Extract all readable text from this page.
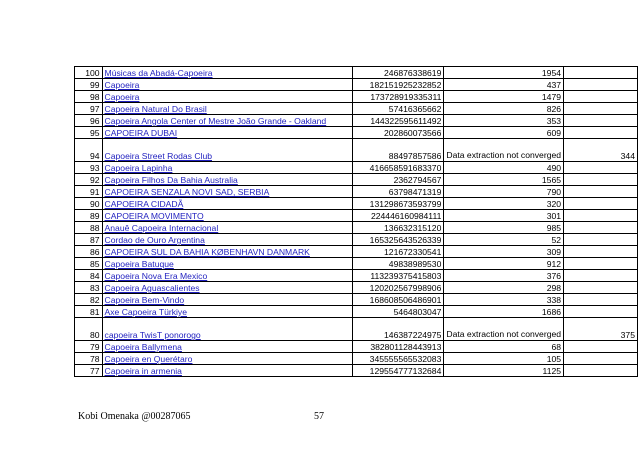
100	Músicas da Abadá-Capoeira	246876338619	1954	
99	Capoeira	182151925232852	437	
98	Capoeira	173728919335311	1479	
97	Capoeira Natural Do Brasil	57416365662	826	
96	Capoeira Angola Center of Mestre João Grande - Oakland	144322595611492	353	
95	CAPOEIRA DUBAI	202860073566	609	
94	Capoeira Street Rodas Club	88497857586	Data extraction not converged	344
93	Capoeira Lapinha	416658591683370	490	
92	Capoeira Filhos Da Bahia Australia	2362794567	1565	
91	CAPOEIRA SENZALA NOVI SAD, SERBIA	63798471319	790	
90	CAPOEIRA CIDADÃ	131298673593799	320	
89	CAPOEIRA MOVIMENTO	224446160984111	301	
88	Anauê Capoeira Internacional	136632315120	985	
87	Cordao de Ouro Argentina	165325643526339	52	
86	CAPOEIRA SUL DA BAHIA KØBENHAVN DANMARK	121672330541	309	
85	Capoeira Batuque	49838989530	912	
84	Capoeira Nova Era Mexico	113239375415803	376	
83	Capoeira Aguascalientes	120202567998906	298	
82	Capoeira Bem-Vindo	168608506486901	338	
81	Axe Capoeira Türkiye	5464803047	1686	
80	capoeira TwisT ponorogo	146387224975	Data extraction not converged	375
79	Capoeira Ballymena	382801128443913	68	
78	Capoeira en Querétaro	345555565532083	105	
77	Capoeira in armenia	129554777132684	1125	
Kobi Omenaka @00287065	57
